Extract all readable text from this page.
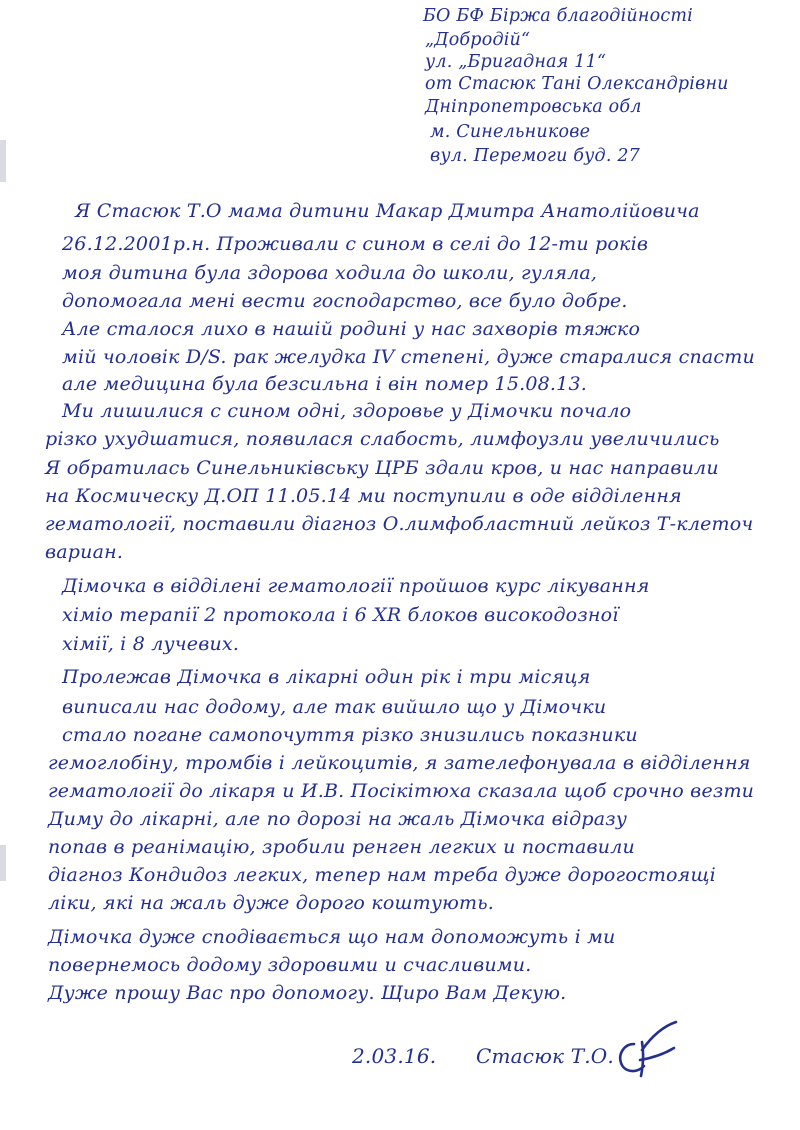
БО БФ Біржа благодійності
„Добродій“
ул. „Бригадная 11“
от Стасюк Тані Олександрівни
Дніпропетровська обл
м. Синельникове
вул. Перемоги буд. 27
Я Стасюк Т.О мама дитини Макар Дмитра Анатолійовича
26.12.2001р.н. Проживали с сином в селі до 12-ти років
моя дитина була здорова ходила до школи, гуляла,
допомогала мені вести господарство, все було добре.
Але сталося лихо в нашій родині у нас захворів тяжко
мій чоловік D/S. рак желудка IV степені, дуже старалися спасти
але медицина була безсильна і він помер 15.08.13.
Ми лишилися с сином одні, здоровье у Дімочки почало
різко ухудшатися, появилася слабость, лимфоузли увеличились
Я обратилась Синельниківську ЦРБ здали кров, и нас направили
на Космическу Д.ОП 11.05.14 ми поступили в оде відділення
гематології, поставили діагноз О.лимфобластний лейкоз Т-клеточ
вариан.
Дімочка в відділені гематології пройшов курс лікування
хіміо терапії 2 протокола і 6 ХR блоков високодозної
хімії, і 8 лучевих.
Пролежав Дімочка в лікарні один рік і три місяця
виписали нас додому, але так вийшло що у Дімочки
стало погане самопочуття різко знизились показники
гемоглобіну, тромбів і лейкоцитів, я зателефонувала в відділення
гематології до лікаря и И.В. Посікітюха сказала щоб срочно везти
Диму до лікарні, але по дорозі на жаль Дімочка відразу
попав в реанімацію, зробили ренген легких и поставили
діагноз Кондидоз легких, тепер нам треба дуже дорогостоящі
ліки, які на жаль дуже дорого коштують.
Дімочка дуже сподівається що нам допоможуть і ми
повернемось додому здоровими и счасливими.
Дуже прошу Вас про допомогу. Щиро Вам Декую.
2.03.16. Стасюк Т.О.
